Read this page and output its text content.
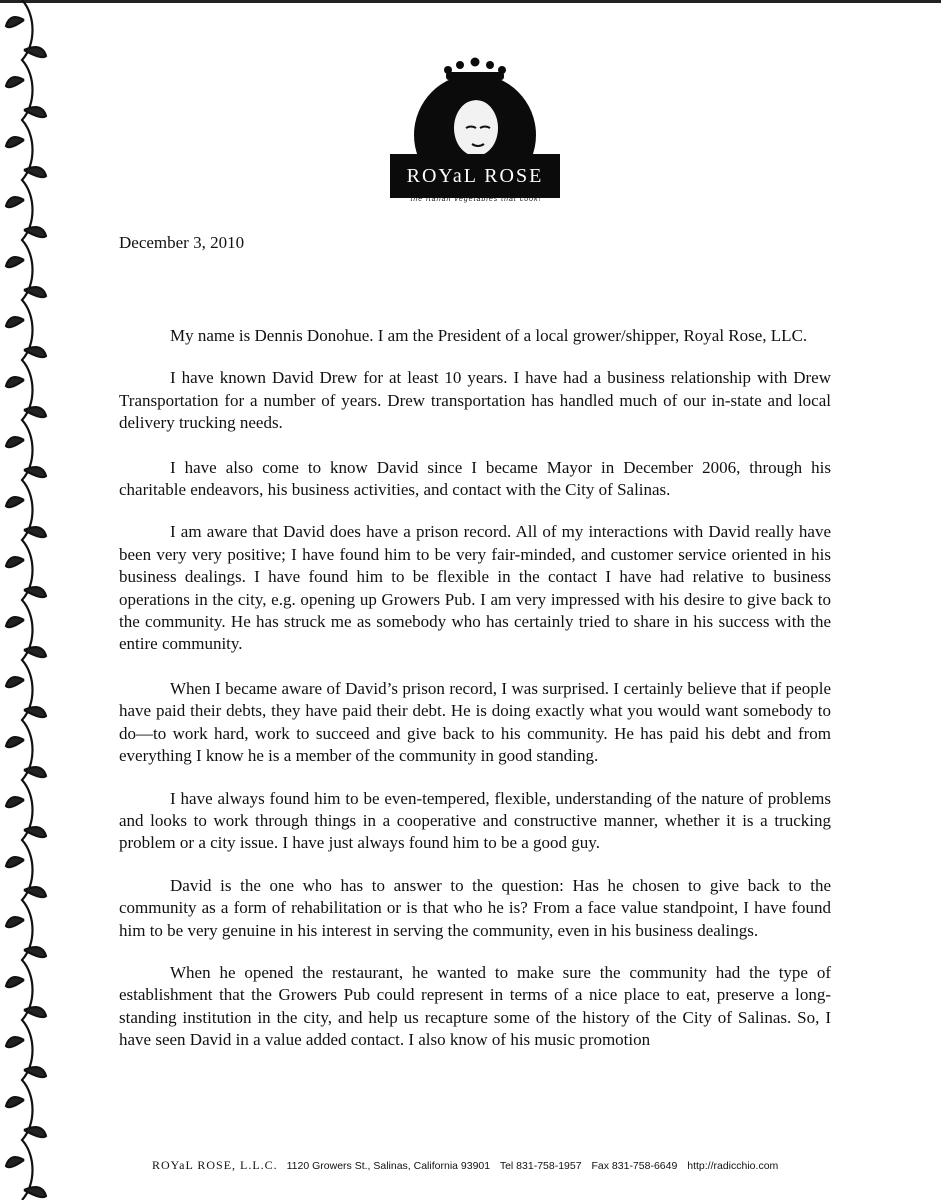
ROYaL ROSE
the italian vegetables that cook!
December 3, 2010

My name is Dennis Donohue. I am the President of a local grower/shipper, Royal Rose, LLC.

I have known David Drew for at least 10 years. I have had a business relationship with Drew Transportation for a number of years. Drew transportation has handled much of our in-state and local delivery trucking needs.

I have also come to know David since I became Mayor in December 2006, through his charitable endeavors, his business activities, and contact with the City of Salinas.

I am aware that David does have a prison record. All of my interactions with David really have been very very positive; I have found him to be very fair-minded, and customer service oriented in his business dealings. I have found him to be flexible in the contact I have had relative to business operations in the city, e.g. opening up Growers Pub. I am very impressed with his desire to give back to the community. He has struck me as somebody who has certainly tried to share in his success with the entire community.

When I became aware of David’s prison record, I was surprised. I certainly believe that if people have paid their debts, they have paid their debt. He is doing exactly what you would want somebody to do—to work hard, work to succeed and give back to his community. He has paid his debt and from everything I know he is a member of the community in good standing.

I have always found him to be even-tempered, flexible, understanding of the nature of problems and looks to work through things in a cooperative and constructive manner, whether it is a trucking problem or a city issue. I have just always found him to be a good guy.

David is the one who has to answer to the question: Has he chosen to give back to the community as a form of rehabilitation or is that who he is? From a face value standpoint, I have found him to be very genuine in his interest in serving the community, even in his business dealings.

When he opened the restaurant, he wanted to make sure the community had the type of establishment that the Growers Pub could represent in terms of a nice place to eat, preserve a long-standing institution in the city, and help us recapture some of the history of the City of Salinas. So, I have seen David in a value added contact. I also know of his music promotion

ROYaL ROSE, L.L.C. 1120 Growers St., Salinas, California 93901 Tel 831-758-1957 Fax 831-758-6649 http://radicchio.com
